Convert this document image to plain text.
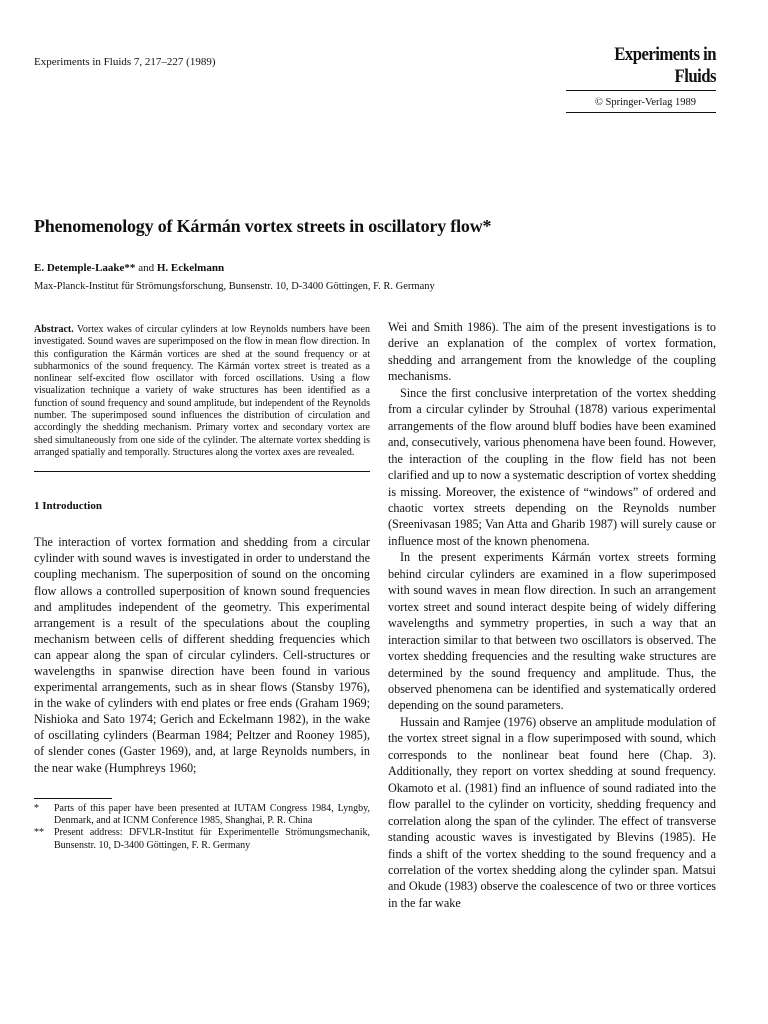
Experiments in Fluids 7, 217–227 (1989)	Experiments in Fluids
© Springer-Verlag 1989
Phenomenology of Kármán vortex streets in oscillatory flow*
E. Detemple-Laake** and H. Eckelmann
Max-Planck-Institut für Strömungsforschung, Bunsenstr. 10, D-3400 Göttingen, F. R. Germany

Abstract. Vortex wakes of circular cylinders at low Reynolds numbers have been investigated. Sound waves are superimposed on the flow in mean flow direction. In this configuration the Kármán vortices are shed at the sound frequency or at subharmonics of the sound frequency. The Kármán vortex street is treated as a nonlinear self-excited flow oscillator with forced oscillations. Using a flow visualization technique a variety of wake structures has been identified as a function of sound frequency and sound amplitude, but independent of the Reynolds number. The superimposed sound influences the distribution of circulation and accordingly the shedding mechanism. Primary vortex and secondary vortex are shed simultaneously from one side of the cylinder. The alternate vortex shedding is arranged spatially and temporally. Structures along the vortex axes are revealed.

1 Introduction

The interaction of vortex formation and shedding from a circular cylinder with sound waves is investigated in order to understand the coupling mechanism. The superposition of sound on the oncoming flow allows a controlled superposition of known sound frequencies and amplitudes independent of the geometry. This experimental arrangement is a result of the speculations about the coupling mechanism between cells of different shedding frequencies which can appear along the span of circular cylinders. Cell-structures or wavelengths in spanwise direction have been found in various experimental arrangements, such as in shear flows (Stansby 1976), in the wake of cylinders with end plates or free ends (Graham 1969; Nishioka and Sato 1974; Gerich and Eckelmann 1982), in the wake of oscillating cylinders (Bearman 1984; Peltzer and Rooney 1985), of slender cones (Gaster 1969), and, at large Reynolds numbers, in the near wake (Humphreys 1960;

* Parts of this paper have been presented at IUTAM Congress 1984, Lyngby, Denmark, and at ICNM Conference 1985, Shanghai, P. R. China

** Present address: DFVLR-Institut für Experimentelle Strömungsmechanik, Bunsenstr. 10, D-3400 Göttingen, F. R. Germany

Wei and Smith 1986). The aim of the present investigations is to derive an explanation of the complex of vortex formation, shedding and arrangement from the knowledge of the coupling mechanisms.

Since the first conclusive interpretation of the vortex shedding from a circular cylinder by Strouhal (1878) various experimental arrangements of the flow around bluff bodies have been examined and, consecutively, various phenomena have been found. However, the interaction of the coupling in the flow field has not been clarified and up to now a systematic description of vortex shedding is missing. Moreover, the existence of “windows” of ordered and chaotic vortex streets depending on the Reynolds number (Sreenivasan 1985; Van Atta and Gharib 1987) will surely cause or influence most of the known phenomena.

In the present experiments Kármán vortex streets forming behind circular cylinders are examined in a flow superimposed with sound waves in mean flow direction. In such an arrangement vortex street and sound interact despite being of widely differing wavelengths and symmetry properties, in such a way that an interaction similar to that between two oscillators is observed. The vortex shedding frequencies and the resulting wake structures are determined by the sound frequency and amplitude. Thus, the observed phenomena can be identified and systematically ordered depending on the sound parameters.

Hussain and Ramjee (1976) observe an amplitude modulation of the vortex street signal in a flow superimposed with sound, which corresponds to the nonlinear beat found here (Chap. 3). Additionally, they report on vortex shedding at sound frequency. Okamoto et al. (1981) find an influence of sound radiated into the flow parallel to the cylinder on vorticity, shedding frequency and correlation along the span of the cylinder. The effect of transverse standing acoustic waves is investigated by Blevins (1985). He finds a shift of the vortex shedding to the sound frequency and a correlation of the vortex shedding along the cylinder span. Matsui and Okude (1983) observe the coalescence of two or three vortices in the far wake
